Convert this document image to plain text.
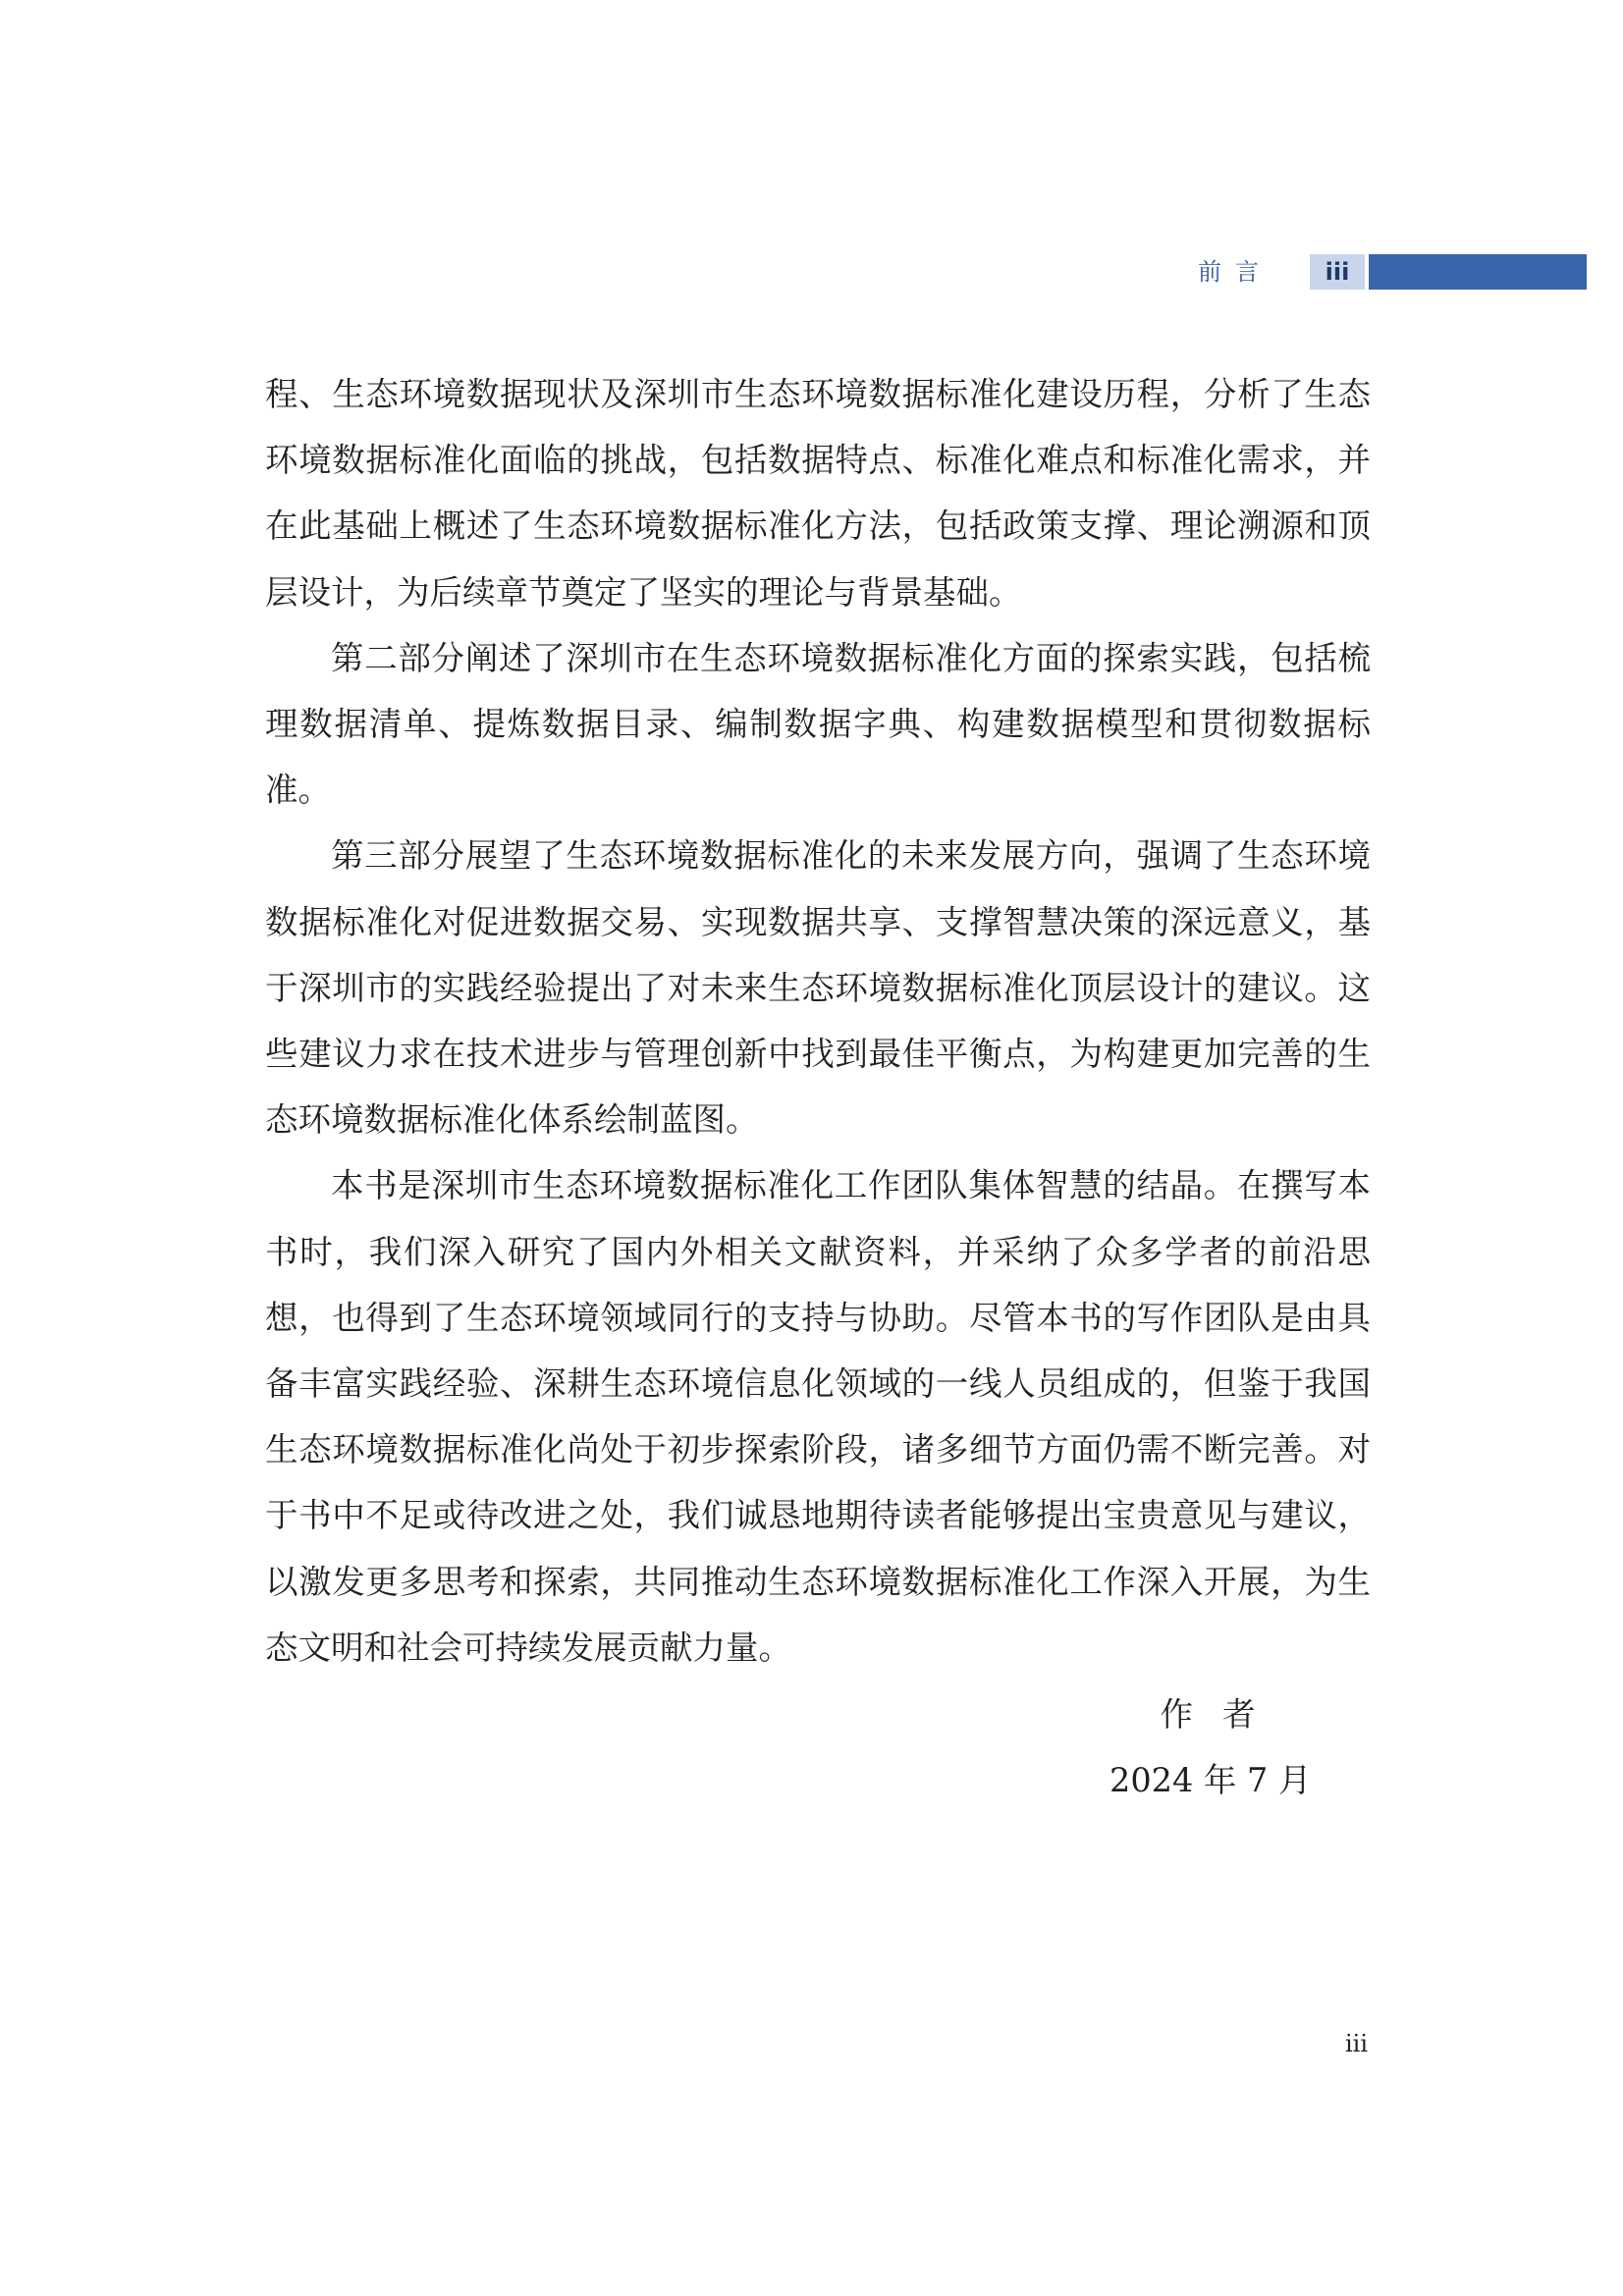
前言	iii

程、生态环境数据现状及深圳市生态环境数据标准化建设历程，分析了生态环境数据标准化面临的挑战，包括数据特点、标准化难点和标准化需求，并在此基础上概述了生态环境数据标准化方法，包括政策支撑、理论溯源和顶层设计，为后续章节奠定了坚实的理论与背景基础。

第二部分阐述了深圳市在生态环境数据标准化方面的探索实践，包括梳理数据清单、提炼数据目录、编制数据字典、构建数据模型和贯彻数据标准。

第三部分展望了生态环境数据标准化的未来发展方向，强调了生态环境数据标准化对促进数据交易、实现数据共享、支撑智慧决策的深远意义，基于深圳市的实践经验提出了对未来生态环境数据标准化顶层设计的建议。这些建议力求在技术进步与管理创新中找到最佳平衡点，为构建更加完善的生态环境数据标准化体系绘制蓝图。

本书是深圳市生态环境数据标准化工作团队集体智慧的结晶。在撰写本书时，我们深入研究了国内外相关文献资料，并采纳了众多学者的前沿思想，也得到了生态环境领域同行的支持与协助。尽管本书的写作团队是由具备丰富实践经验、深耕生态环境信息化领域的一线人员组成的，但鉴于我国生态环境数据标准化尚处于初步探索阶段，诸多细节方面仍需不断完善。对于书中不足或待改进之处，我们诚恳地期待读者能够提出宝贵意见与建议，以激发更多思考和探索，共同推动生态环境数据标准化工作深入开展，为生态文明和社会可持续发展贡献力量。

作者
2024 年 7 月
iii
